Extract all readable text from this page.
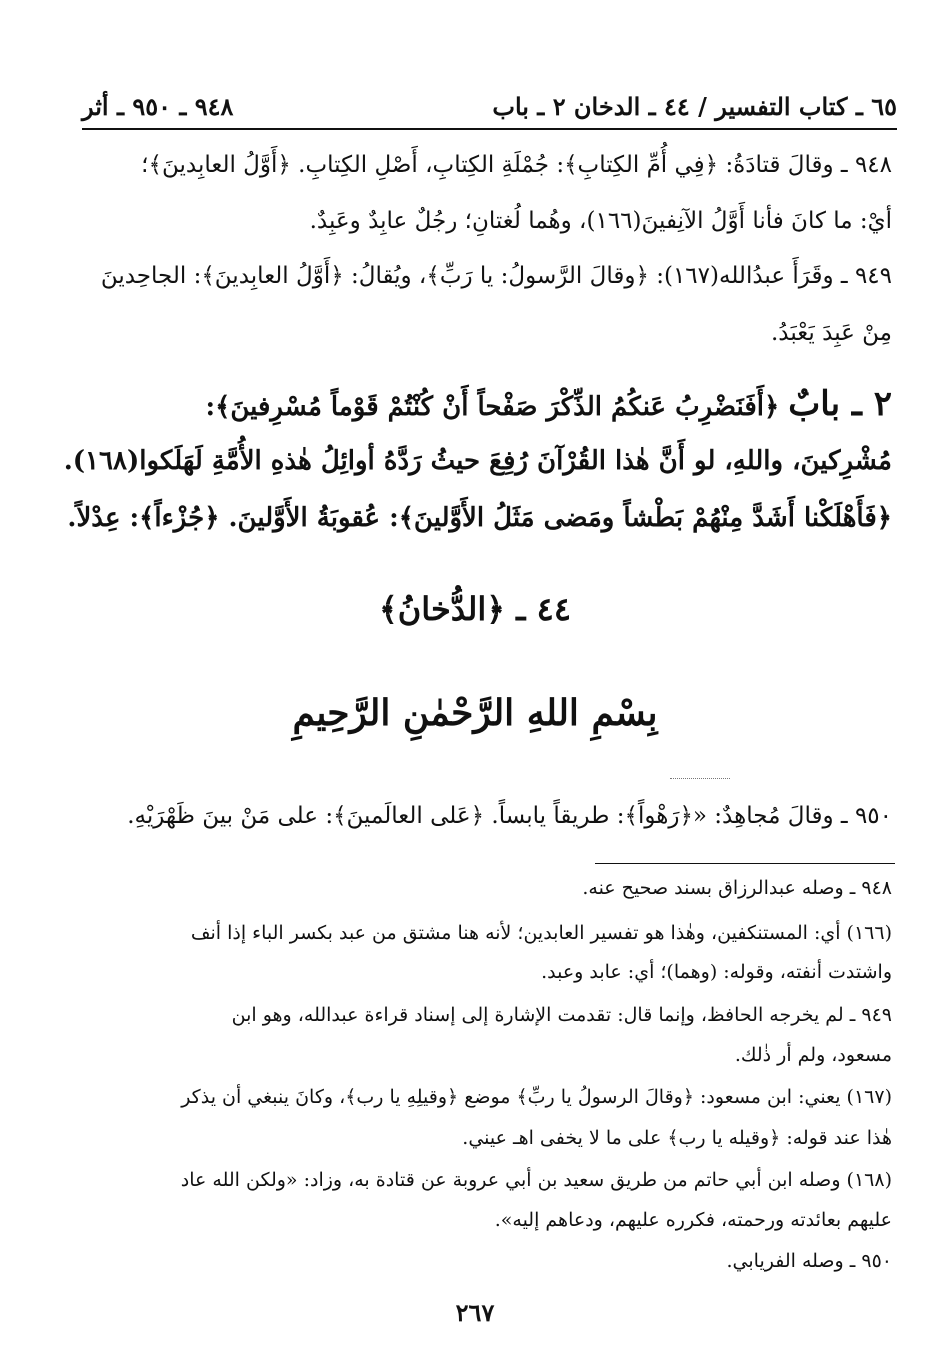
٦٥ ـ كتاب التفسير / ٤٤ ـ الدخان ٢ ـ باب
٩٤٨ ـ ٩٥٠ ـ أثر
٩٤٨ ـ وقالَ قتادَةُ: ﴿فِي أُمِّ الكِتابِ﴾: جُمْلَةِ الكِتابِ، أَصْلِ الكِتابِ. ﴿أَوَّلُ العابِدينَ﴾؛
أيْ: ما كانَ فأنا أَوَّلُ الآنِفينَ(١٦٦)، وهُما لُغتانِ؛ رجُلٌ عابِدٌ وعَبِدٌ.
٩٤٩ ـ وقَرَأَ عبدُالله(١٦٧): ﴿وقالَ الرَّسولُ: يا رَبِّ﴾، ويُقالُ: ﴿أَوَّلُ العابِدينَ﴾: الجاحِدينَ
مِنْ عَبِدَ يَعْبَدُ.
٢ ـ بابٌ ﴿أَفَنَضْرِبُ عَنكُمُ الذِّكْرَ صَفْحاً أَنْ كُنْتُمْ قَوْماً مُسْرِفينَ﴾:
مُشْرِكينَ، واللهِ، لو أَنَّ هٰذا القُرْآنَ رُفِعَ حيثُ رَدَّهُ أوائِلُ هٰذهِ الأُمَّةِ لَهَلَكوا(١٦٨).
﴿فَأَهْلَكْنا أَشَدَّ مِنْهُمْ بَطْشاً ومَضى مَثَلُ الأَوَّلينَ﴾: عُقوبَةُ الأَوَّلينَ. ﴿جُزْءاً﴾: عِدْلاً.
٤٤ ـ ﴿الدُّخانُ﴾
بِسْمِ اللهِ الرَّحْمٰنِ الرَّحِيمِ
٩٥٠ ـ وقالَ مُجاهِدٌ: «﴿رَهْواً﴾: طريقاً يابساً. ﴿عَلى العالَمينَ﴾: على مَنْ بينَ ظَهْرَيْهِ.
٩٤٨ ـ وصله عبدالرزاق بسند صحيح عنه.
(١٦٦) أي: المستنكفين، وهٰذا هو تفسير العابدين؛ لأنه هنا مشتق من عبد بكسر الباء إذا أنف
واشتدت أنفته، وقوله: (وهما)؛ أي: عابد وعبد.
٩٤٩ ـ لم يخرجه الحافظ، وإنما قال: تقدمت الإشارة إلى إسناد قراءة عبدالله، وهو ابن
مسعود، ولم أر ذٰلك.
(١٦٧) يعني: ابن مسعود: ﴿وقالَ الرسولُ يا ربِّ﴾ موضع ﴿وقيلِهِ يا رب﴾، وكانَ ينبغي أن يذكر
هٰذا عند قوله: ﴿وقيله يا رب﴾ على ما لا يخفى اهـ عيني.
(١٦٨) وصله ابن أبي حاتم من طريق سعيد بن أبي عروبة عن قتادة به، وزاد: «ولكن الله عاد
عليهم بعائدته ورحمته، فكرره عليهم، ودعاهم إليه».
٩٥٠ ـ وصله الفريابي.
٢٦٧
